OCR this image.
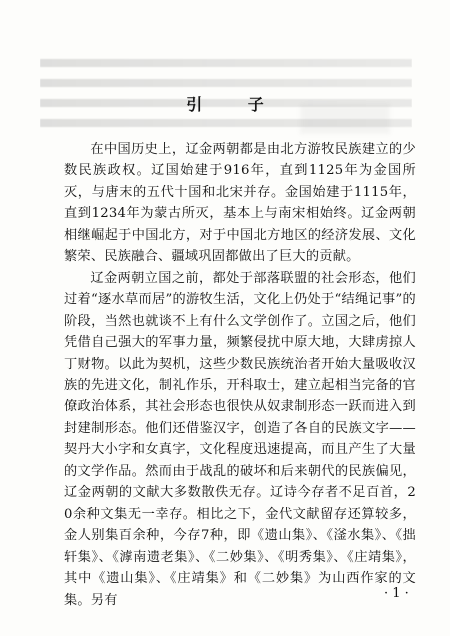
引 子

在中国历史上，辽金两朝都是由北方游牧民族建立的少数民族政权。辽国始建于916年，直到1125年为金国所灭，与唐末的五代十国和北宋并存。金国始建于1115年，直到1234年为蒙古所灭，基本上与南宋相始终。辽金两朝相继崛起于中国北方，对于中国北方地区的经济发展、文化繁荣、民族融合、疆域巩固都做出了巨大的贡献。

辽金两朝立国之前，都处于部落联盟的社会形态，他们过着“逐水草而居”的游牧生活，文化上仍处于“结绳记事”的阶段，当然也就谈不上有什么文学创作了。立国之后，他们凭借自己强大的军事力量，频繁侵扰中原大地，大肆虏掠人丁财物。以此为契机，这些少数民族统治者开始大量吸收汉族的先进文化，制礼作乐，开科取士，建立起相当完备的官僚政治体系，其社会形态也很快从奴隶制形态一跃而进入到封建制形态。他们还借鉴汉字，创造了各自的民族文字——契丹大小字和女真字，文化程度迅速提高，而且产生了大量的文学作品。然而由于战乱的破坏和后来朝代的民族偏见，辽金两朝的文献大多数散佚无存。辽诗今存者不足百首，20余种文集无一幸存。相比之下，金代文献留存还算较多，金人别集百余种，今存7种，即《遗山集》、《滏水集》、《拙轩集》、《滹南遗老集》、《二妙集》、《明秀集》、《庄靖集》，其中《遗山集》、《庄靖集》和《二妙集》为山西作家的文集。另有	· 1 ·
